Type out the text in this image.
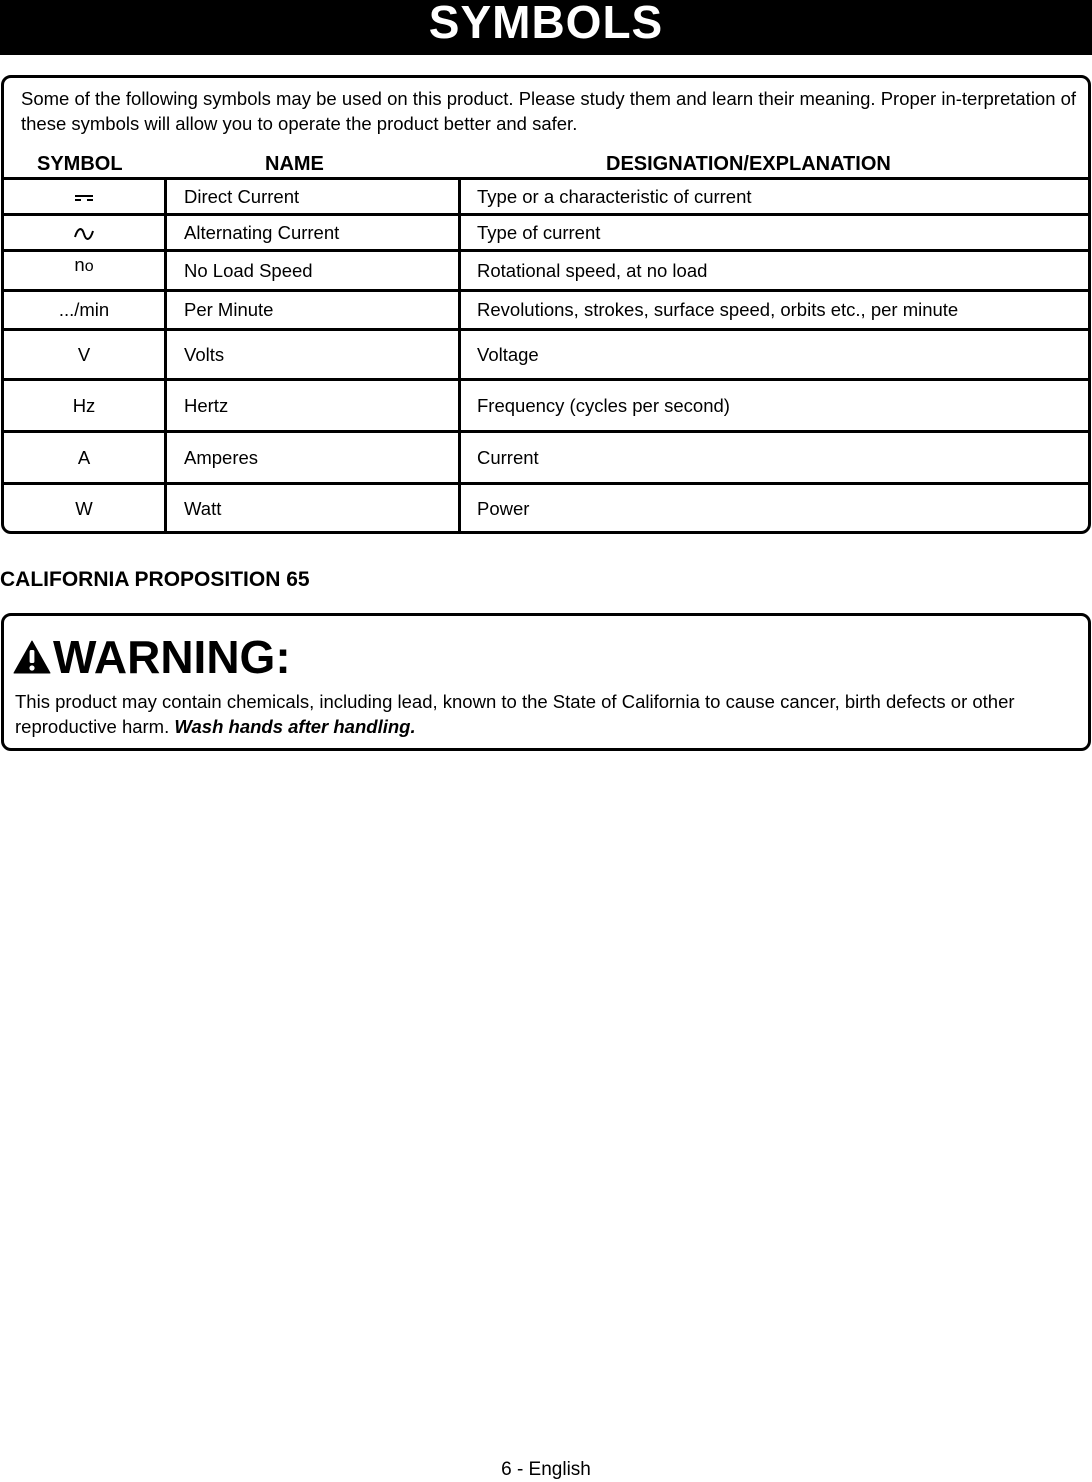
SYMBOLS

Some of the following symbols may be used on this product. Please study them and learn their meaning. Proper in-terpretation of these symbols will allow you to operate the product better and safer.

SYMBOL	NAME	DESIGNATION/EXPLANATION
	Direct Current	Type or a characteristic of current
	Alternating Current	Type of current
no	No Load Speed	Rotational speed, at no load
.../min	Per Minute	Revolutions, strokes, surface speed, orbits etc., per minute
V	Volts	Voltage
Hz	Hertz	Frequency (cycles per second)
A	Amperes	Current
W	Watt	Power
CALIFORNIA PROPOSITION 65
WARNING:

This product may contain chemicals, including lead, known to the State of California to cause cancer, birth defects or other reproductive harm. Wash hands after handling.

6 - English
